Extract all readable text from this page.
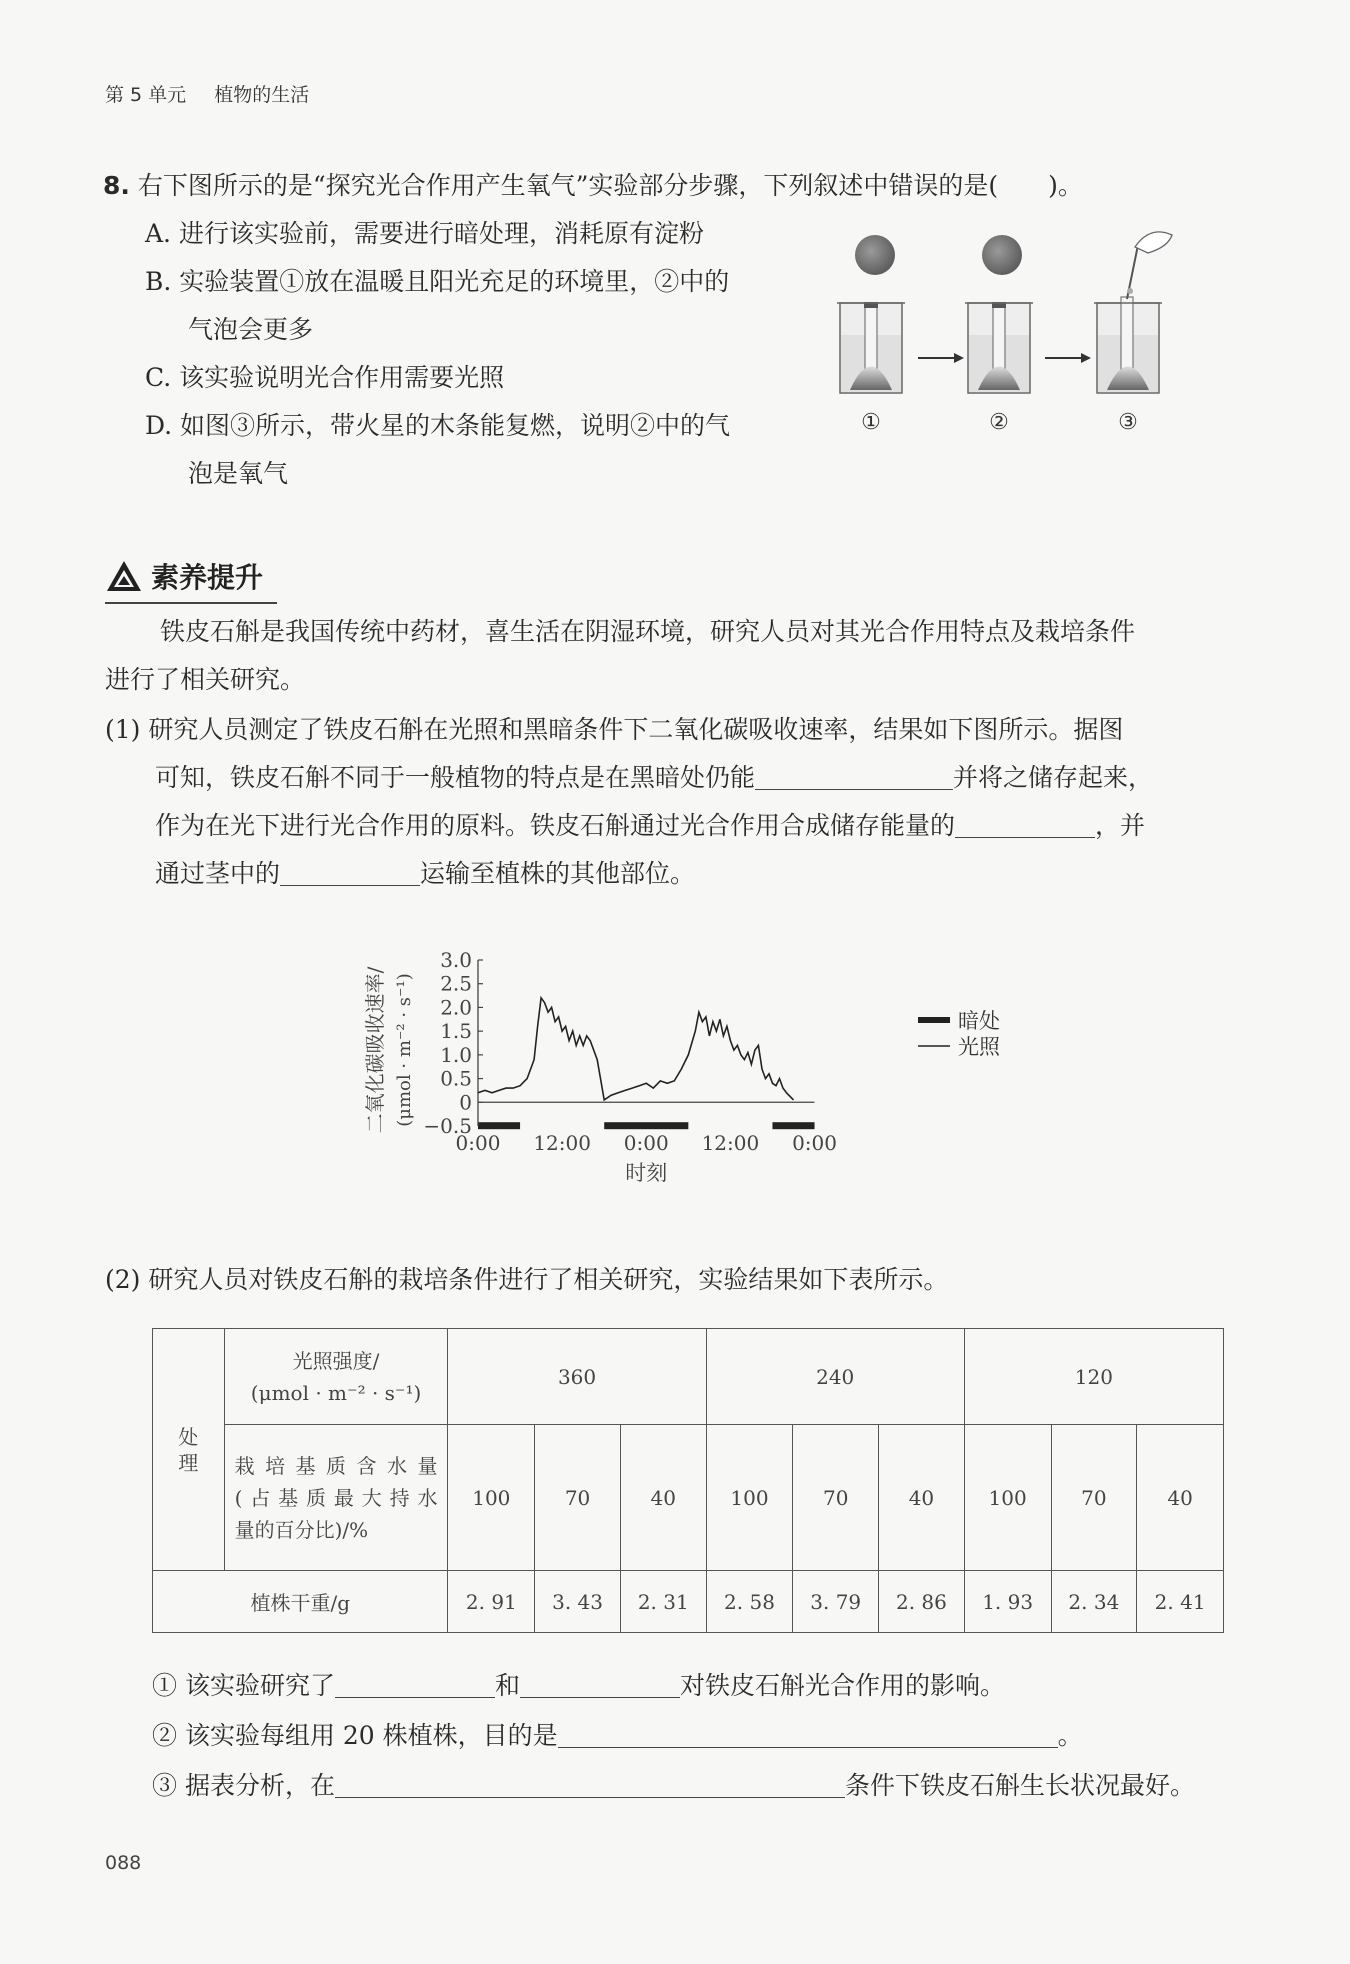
第 5 单元 植物的生活
8. 右下图所示的是“探究光合作用产生氧气”实验部分步骤，下列叙述中错误的是(　　)。
A. 进行该实验前，需要进行暗处理，消耗原有淀粉
B. 实验装置①放在温暖且阳光充足的环境里，②中的
气泡会更多
C. 该实验说明光合作用需要光照
D. 如图③所示，带火星的木条能复燃，说明②中的气
泡是氧气
①	②	③
素养提升
铁皮石斛是我国传统中药材，喜生活在阴湿环境，研究人员对其光合作用特点及栽培条件
进行了相关研究。
(1) 研究人员测定了铁皮石斛在光照和黑暗条件下二氧化碳吸收速率，结果如下图所示。据图
可知，铁皮石斛不同于一般植物的特点是在黑暗处仍能	并将之储存起来，
作为在光下进行光合作用的原料。铁皮石斛通过光合作用合成储存能量的	，并
通过茎中的	运输至植株的其他部位。
二氧化碳吸收速率/ (μmol · m⁻² · s⁻¹)
3.0
2.5
2.0
1.5
1.0
0.5
0
−0.5
0:00 12:00 0:00 12:00 0:00
时刻
暗处
光照
(2) 研究人员对铁皮石斛的栽培条件进行了相关研究，实验结果如下表所示。
处理	光照强度/
(μmol · m⁻² · s⁻¹)	360			240			120		

	栽培基质含水量
(占基质最大持水
量的百分比)/%	100	70	40	100	70	40	100	70	40
植株干重/g		2. 91	3. 43	2. 31	2. 58	3. 79	2. 86	1. 93	2. 34	2. 41
① 该实验研究了	和	对铁皮石斛光合作用的影响。
② 该实验每组用 20 株植株，目的是	。
③ 据表分析，在	条件下铁皮石斛生长状况最好。
088
